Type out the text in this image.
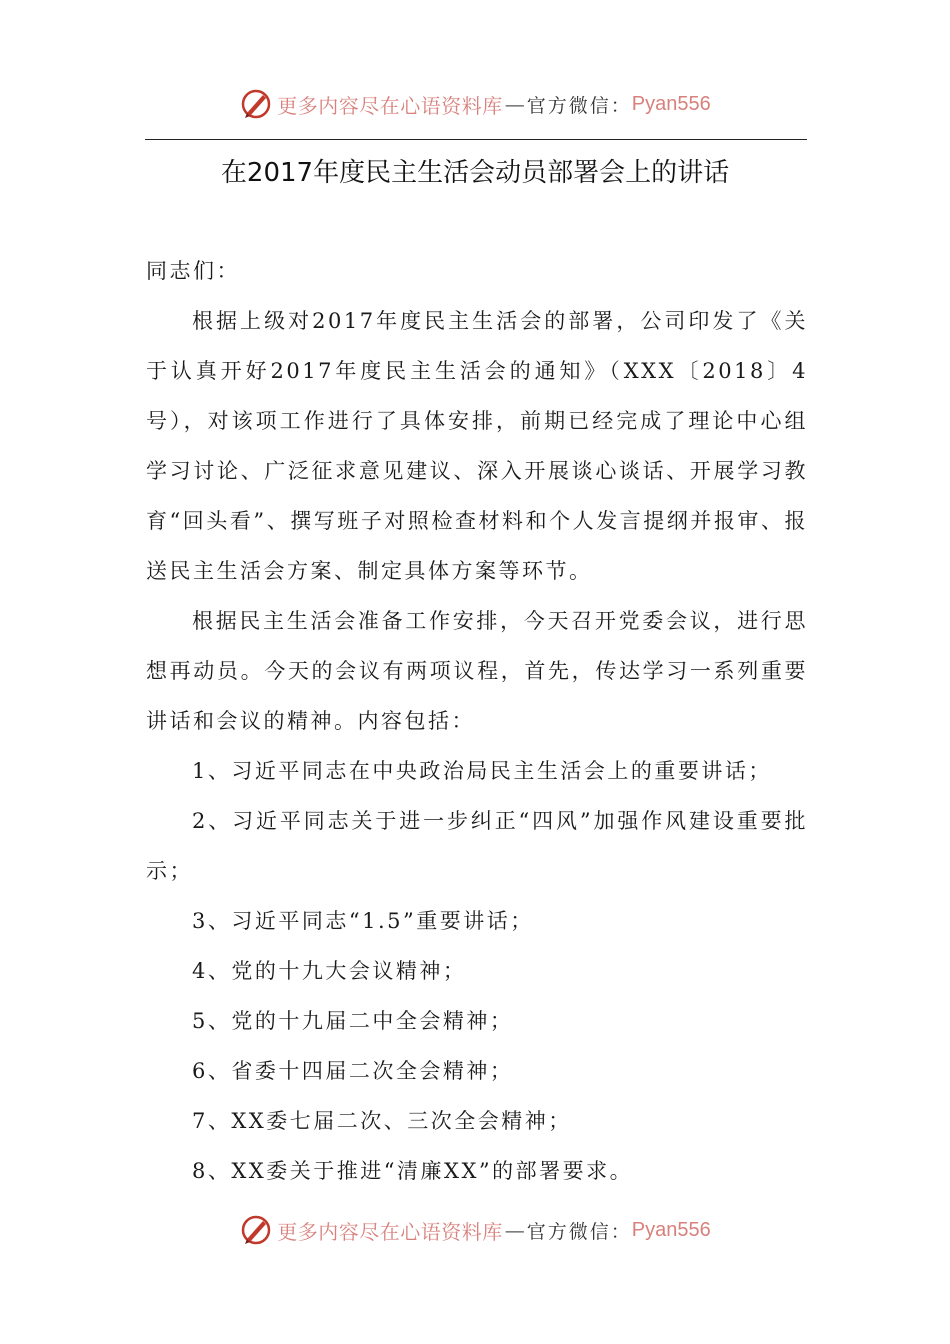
更多内容尽在心语资料库 — 官方微信： Pyan556
在2017年度民主生活会动员部署会上的讲话

同志们：

根据上级对2017年度民主生活会的部署，公司印发了《关于认真开好2017年度民主生活会的通知》（XXX〔2018〕4号），对该项工作进行了具体安排，前期已经完成了理论中心组学习讨论、广泛征求意见建议、深入开展谈心谈话、开展学习教育“回头看”、撰写班子对照检查材料和个人发言提纲并报审、报送民主生活会方案、制定具体方案等环节。

根据民主生活会准备工作安排，今天召开党委会议，进行思想再动员。今天的会议有两项议程，首先，传达学习一系列重要讲话和会议的精神。内容包括：

1、习近平同志在中央政治局民主生活会上的重要讲话；

2、习近平同志关于进一步纠正“四风”加强作风建设重要批示；

3、习近平同志“1.5”重要讲话；

4、党的十九大会议精神；

5、党的十九届二中全会精神；

6、省委十四届二次全会精神；

7、XX委七届二次、三次全会精神；

8、XX委关于推进“清廉XX”的部署要求。

更多内容尽在心语资料库 — 官方微信： Pyan556
